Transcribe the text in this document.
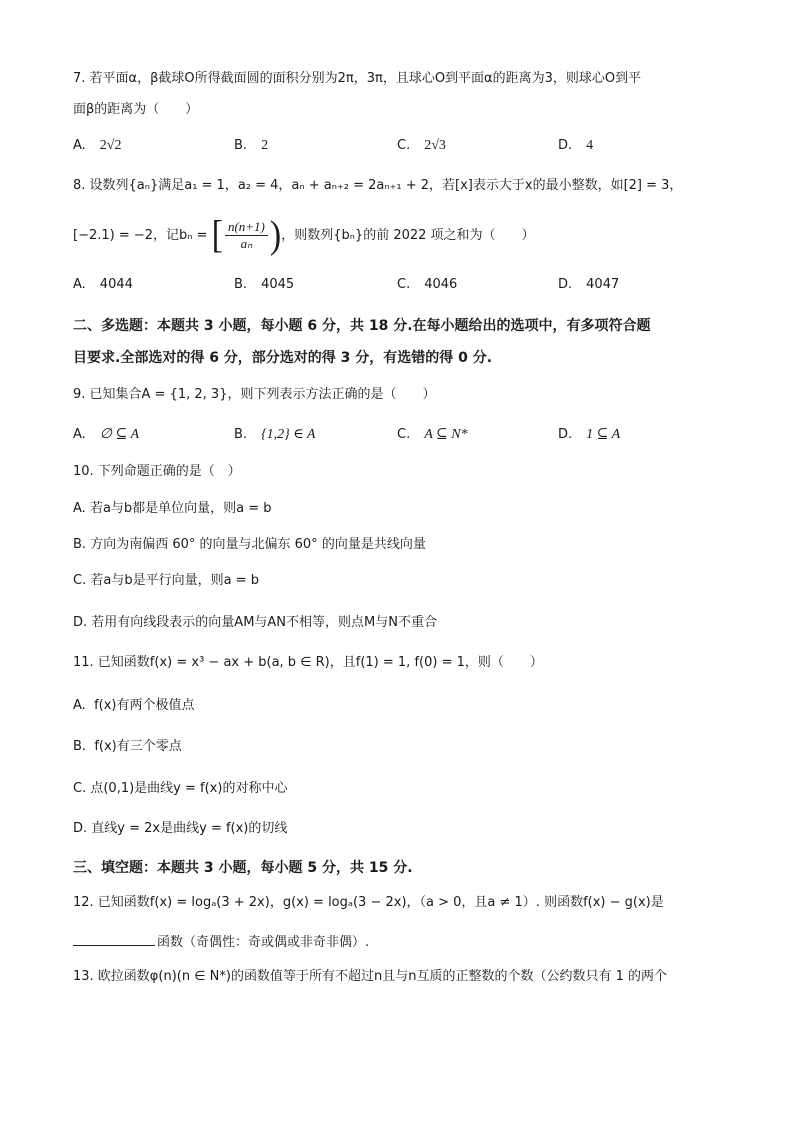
7. 若平面α，β截球O所得截面圆的面积分别为2π，3π，且球心O到平面α的距离为3，则球心O到平
面β的距离为（　　）
A. 2√2	B. 2	C. 2√3	D. 4
8. 设数列{aₙ}满足a₁ = 1，a₂ = 4，aₙ + aₙ₊₂ = 2aₙ₊₁ + 2，若[x]表示大于x的最小整数，如[2] = 3，
[−2.1) = −2，记bₙ = [ $\frac{n(n+1)}{\text{aₙ}}$ )，则数列{bₙ}的前 2022 项之和为（　　）
A. 4044	B. 4045	C. 4046	D. 4047
二、多选题：本题共 3 小题，每小题 6 分，共 18 分.在每小题给出的选项中，有多项符合题
目要求.全部选对的得 6 分，部分选对的得 3 分，有选错的得 0 分.
9. 已知集合A = {1, 2, 3}，则下列表示方法正确的是（　　）
A. ∅ ⊆ A	B. {1,2} ∈ A	C. A ⊆ N*	D. 1 ⊆ A
10. 下列命题正确的是（　）
A. 若a与b都是单位向量，则a = b
B. 方向为南偏西 60° 的向量与北偏东 60° 的向量是共线向量
C. 若a与b是平行向量，则a = b
D. 若用有向线段表示的向量AM与AN不相等，则点M与N不重合
11. 已知函数f(x) = x³ − ax + b(a, b ∈ R)，且f(1) = 1, f(0) = 1，则（　　）
A. f(x)有两个极值点
B. f(x)有三个零点
C. 点(0,1)是曲线y = f(x)的对称中心
D. 直线y = 2x是曲线y = f(x)的切线
三、填空题：本题共 3 小题，每小题 5 分，共 15 分.
12. 已知函数f(x) = logₐ(3 + 2x)，g(x) = logₐ(3 − 2x)，（a > 0，且a ≠ 1）. 则函数f(x) − g(x)是
函数（奇偶性：奇或偶或非奇非偶）.
13. 欧拉函数φ(n)(n ∈ N*)的函数值等于所有不超过n且与n互质的正整数的个数（公约数只有 1 的两个
